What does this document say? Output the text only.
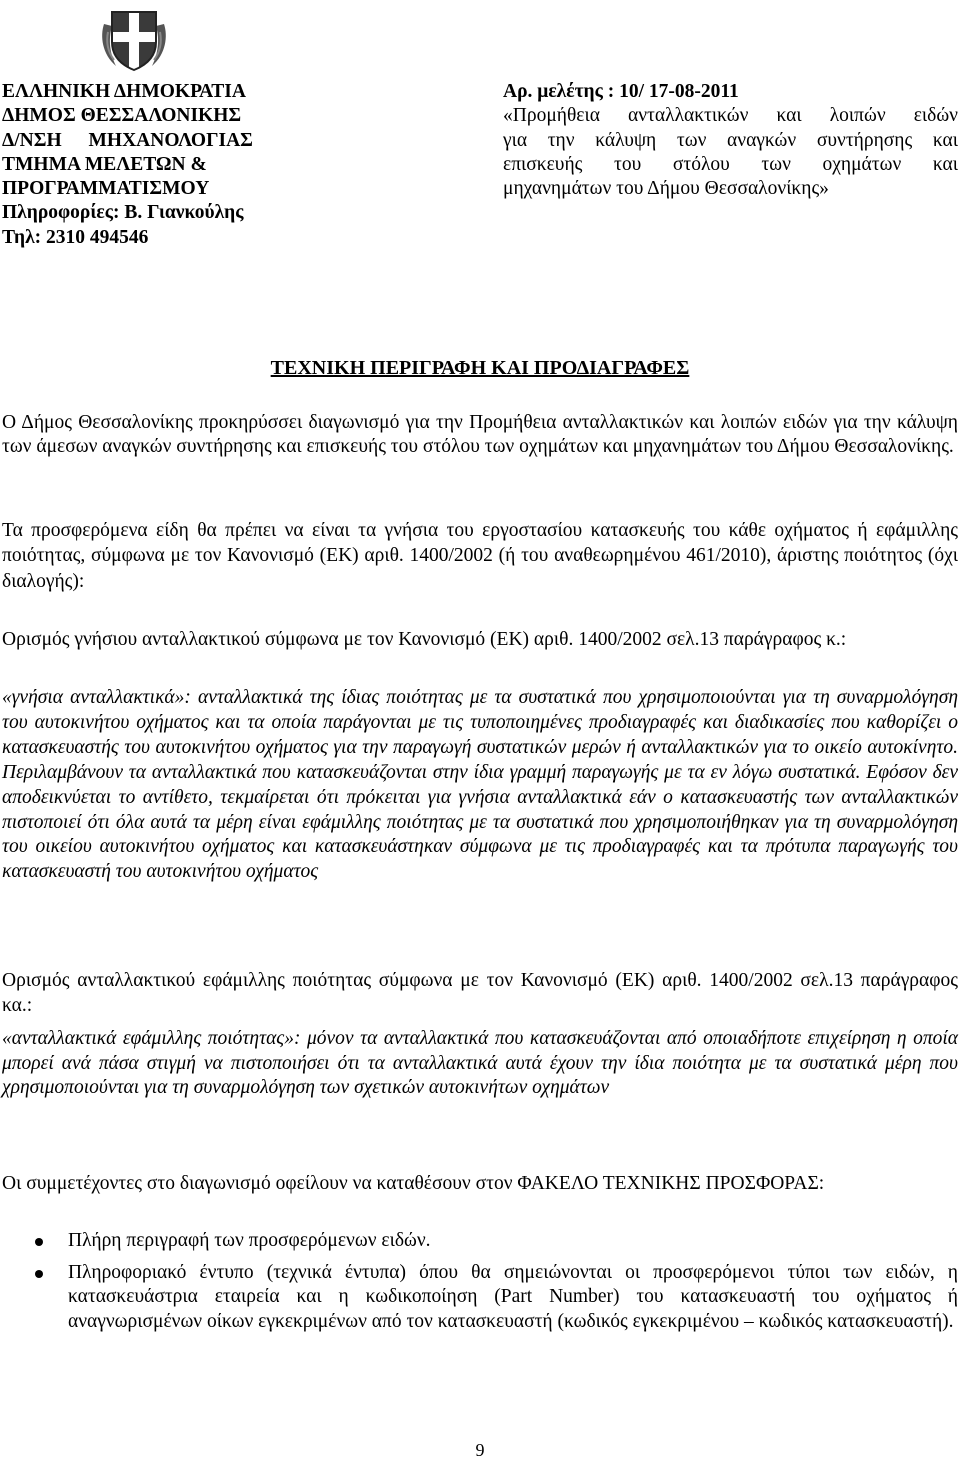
ΕΛΛΗΝΙΚΗ ΔΗΜΟΚΡΑΤΙΑ
ΔΗΜΟΣ ΘΕΣΣΑΛΟΝΙΚΗΣ
Δ/ΝΣΗ ΜΗΧΑΝΟΛΟΓΙΑΣ
ΤΜΗΜΑ ΜΕΛΕΤΩΝ &
ΠΡΟΓΡΑΜΜΑΤΙΣΜΟΥ
Πληροφορίες: Β. Γιανκούλης
Τηλ: 2310 494546
Αρ. μελέτης : 10/ 17-08-2011
«Προμήθεια ανταλλακτικών και λοιπών ειδών
για την κάλυψη των αναγκών συντήρησης και
επισκευής του στόλου των οχημάτων και
μηχανημάτων του Δήμου Θεσσαλονίκης»
ΤΕΧΝΙΚΗ ΠΕΡΙΓΡΑΦΗ ΚΑΙ ΠΡΟΔΙΑΓΡΑΦΕΣ
Ο Δήμος Θεσσαλονίκης προκηρύσσει διαγωνισμό για την Προμήθεια ανταλλακτικών και λοιπών ειδών για την κάλυψη των άμεσων αναγκών συντήρησης και επισκευής του στόλου των οχημάτων και μηχανημάτων του Δήμου Θεσσαλονίκης.
Τα προσφερόμενα είδη θα πρέπει να είναι τα γνήσια του εργοστασίου κατασκευής του κάθε οχήματος ή εφάμιλλης ποιότητας, σύμφωνα με τον Κανονισμό (ΕΚ) αριθ. 1400/2002 (ή του αναθεωρημένου 461/2010), άριστης ποιότητος (όχι διαλογής):
Ορισμός γνήσιου ανταλλακτικού σύμφωνα με τον Κανονισμό (ΕΚ) αριθ. 1400/2002 σελ.13 παράγραφος κ.:
«γνήσια ανταλλακτικά»: ανταλλακτικά της ίδιας ποιότητας με τα συστατικά που χρησιμοποιούνται για τη συναρμολόγηση του αυτοκινήτου οχήματος και τα οποία παράγονται με τις τυποποιημένες προδιαγραφές και διαδικασίες που καθορίζει ο κατασκευαστής του αυτοκινήτου οχήματος για την παραγωγή συστατικών μερών ή ανταλλακτικών για το οικείο αυτοκίνητο. Περιλαμβάνουν τα ανταλλακτικά που κατασκευάζονται στην ίδια γραμμή παραγωγής με τα εν λόγω συστατικά. Εφόσον δεν αποδεικνύεται το αντίθετο, τεκμαίρεται ότι πρόκειται για γνήσια ανταλλακτικά εάν ο κατασκευαστής των ανταλλακτικών πιστοποιεί ότι όλα αυτά τα μέρη είναι εφάμιλλης ποιότητας με τα συστατικά που χρησιμοποιήθηκαν για τη συναρμολόγηση του οικείου αυτοκινήτου οχήματος και κατασκευάστηκαν σύμφωνα με τις προδιαγραφές και τα πρότυπα παραγωγής του κατασκευαστή του αυτοκινήτου οχήματος
Ορισμός ανταλλακτικού εφάμιλλης ποιότητας σύμφωνα με τον Κανονισμό (ΕΚ) αριθ. 1400/2002 σελ.13 παράγραφος κα.:
«ανταλλακτικά εφάμιλλης ποιότητας»: μόνον τα ανταλλακτικά που κατασκευάζονται από οποιαδήποτε επιχείρηση η οποία μπορεί ανά πάσα στιγμή να πιστοποιήσει ότι τα ανταλλακτικά αυτά έχουν την ίδια ποιότητα με τα συστατικά μέρη που χρησιμοποιούνται για τη συναρμολόγηση των σχετικών αυτοκινήτων οχημάτων
Οι συμμετέχοντες στο διαγωνισμό οφείλουν να καταθέσουν στον ΦΑΚΕΛΟ ΤΕΧΝΙΚΗΣ ΠΡΟΣΦΟΡΑΣ:
Πλήρη περιγραφή των προσφερόμενων ειδών.
Πληροφοριακό έντυπο (τεχνικά έντυπα) όπου θα σημειώνονται οι προσφερόμενοι τύποι των ειδών, η κατασκευάστρια εταιρεία και η κωδικοποίηση (Part Number) του κατασκευαστή του οχήματος ή αναγνωρισμένων οίκων εγκεκριμένων από τον κατασκευαστή (κωδικός εγκεκριμένου – κωδικός κατασκευαστή).
9
